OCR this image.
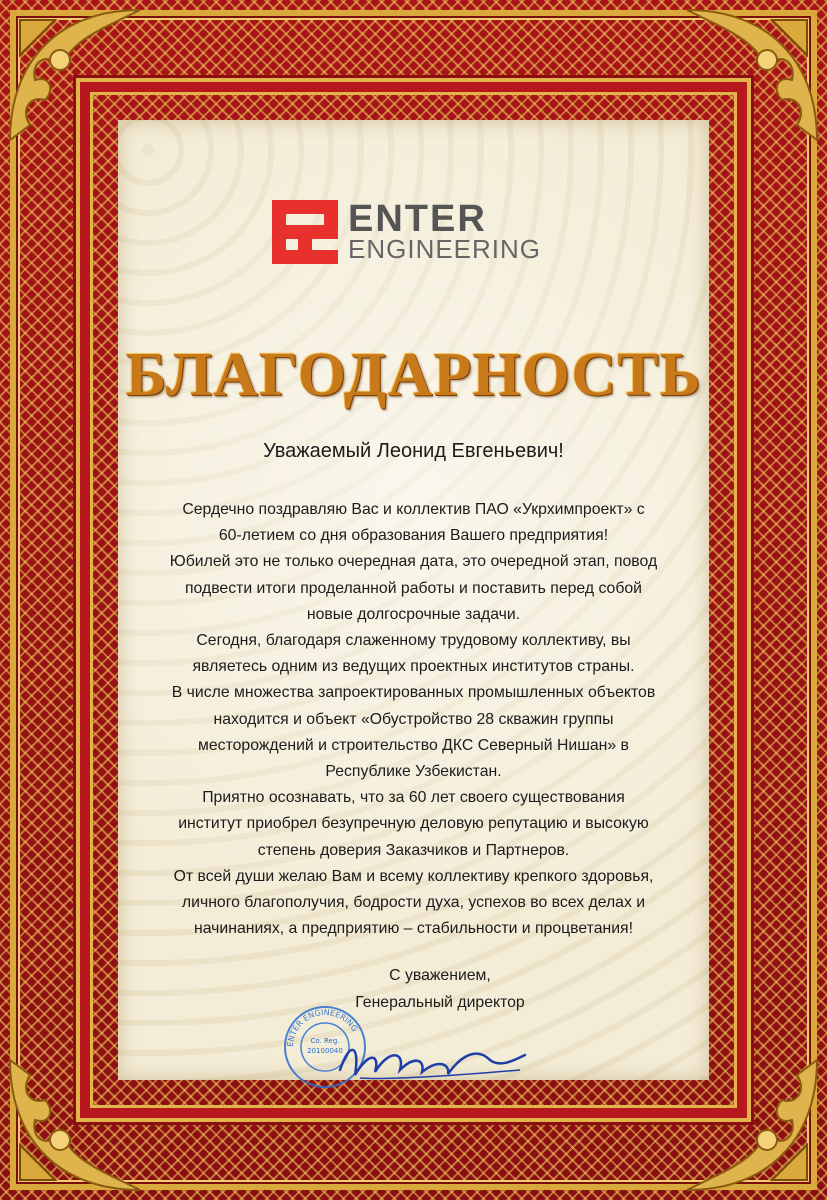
ENTER
ENGINEERING
БЛАГОДАРНОСТЬ
Уважаемый Леонид Евгеньевич!

Сердечно поздравляю Вас и коллектив ПАО «Укрхимпроект» с

60-летием со дня образования Вашего предприятия!

Юбилей это не только очередная дата, это очередной этап, повод

подвести итоги проделанной работы и поставить перед собой

новые долгосрочные задачи.

Сегодня, благодаря слаженному трудовому коллективу, вы

являетесь одним из ведущих проектных институтов страны.

В числе множества запроектированных промышленных объектов

находится и объект «Обустройство 28 скважин группы

месторождений и строительство ДКС Северный Нишан» в

Республике Узбекистан.

Приятно осознавать, что за 60 лет своего существования

институт приобрел безупречную деловую репутацию и высокую

степень доверия Заказчиков и Партнеров.

От всей души желаю Вам и всему коллективу крепкого здоровья,

личного благополучия, бодрости духа, успехов во всех делах и

начинаниях, а предприятию – стабильности и процветания!

С уважением,
Генеральный директор
ENTER ENGINEERING
Co. Reg.
20100040
